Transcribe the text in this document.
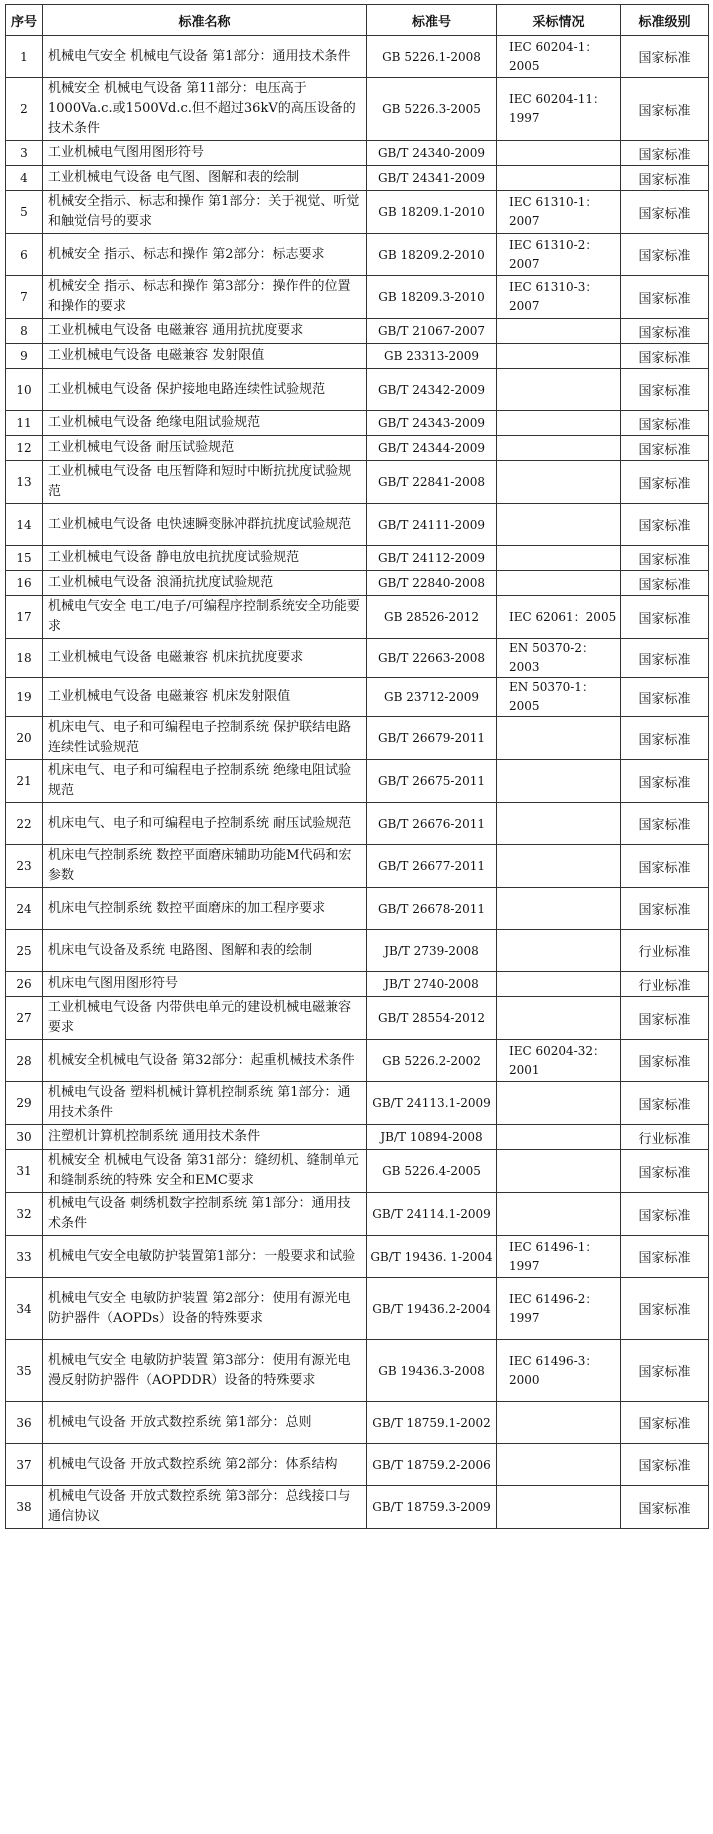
序号	标准名称	标准号	采标情况	标准级别
1	机械电气安全 机械电气设备 第1部分：通用技术条件	GB 5226.1-2008	IEC 60204-1：2005	国家标准
2	机械安全 机械电气设备 第11部分：电压高于1000Va.c.或1500Vd.c.但不超过36kV的高压设备的技术条件	GB 5226.3-2005	IEC 60204-11：1997	国家标准
3	工业机械电气图用图形符号	GB/T 24340-2009		国家标准
4	工业机械电气设备 电气图、图解和表的绘制	GB/T 24341-2009		国家标准
5	机械安全指示、标志和操作 第1部分：关于视觉、听觉和触觉信号的要求	GB 18209.1-2010	IEC 61310-1：2007	国家标准
6	机械安全 指示、标志和操作 第2部分：标志要求	GB 18209.2-2010	IEC 61310-2：2007	国家标准
7	机械安全 指示、标志和操作 第3部分：操作件的位置和操作的要求	GB 18209.3-2010	IEC 61310-3：2007	国家标准
8	工业机械电气设备 电磁兼容 通用抗扰度要求	GB/T 21067-2007		国家标准
9	工业机械电气设备 电磁兼容 发射限值	GB 23313-2009		国家标准
10	工业机械电气设备 保护接地电路连续性试验规范	GB/T 24342-2009		国家标准
11	工业机械电气设备 绝缘电阻试验规范	GB/T 24343-2009		国家标准
12	工业机械电气设备 耐压试验规范	GB/T 24344-2009		国家标准
13	工业机械电气设备 电压暂降和短时中断抗扰度试验规范	GB/T 22841-2008		国家标准
14	工业机械电气设备 电快速瞬变脉冲群抗扰度试验规范	GB/T 24111-2009		国家标准
15	工业机械电气设备 静电放电抗扰度试验规范	GB/T 24112-2009		国家标准
16	工业机械电气设备 浪涌抗扰度试验规范	GB/T 22840-2008		国家标准
17	机械电气安全 电工/电子/可编程序控制系统安全功能要求	GB 28526-2012	IEC 62061：2005	国家标准
18	工业机械电气设备 电磁兼容 机床抗扰度要求	GB/T 22663-2008	EN 50370-2：2003	国家标准
19	工业机械电气设备 电磁兼容 机床发射限值	GB 23712-2009	EN 50370-1：2005	国家标准
20	机床电气、电子和可编程电子控制系统 保护联结电路连续性试验规范	GB/T 26679-2011		国家标准
21	机床电气、电子和可编程电子控制系统 绝缘电阻试验规范	GB/T 26675-2011		国家标准
22	机床电气、电子和可编程电子控制系统 耐压试验规范	GB/T 26676-2011		国家标准
23	机床电气控制系统 数控平面磨床辅助功能M代码和宏参数	GB/T 26677-2011		国家标准
24	机床电气控制系统 数控平面磨床的加工程序要求	GB/T 26678-2011		国家标准
25	机床电气设备及系统 电路图、图解和表的绘制	JB/T 2739-2008		行业标准
26	机床电气图用图形符号	JB/T 2740-2008		行业标准
27	工业机械电气设备 内带供电单元的建设机械电磁兼容要求	GB/T 28554-2012		国家标准
28	机械安全机械电气设备 第32部分：起重机械技术条件	GB 5226.2-2002	IEC 60204-32：2001	国家标准
29	机械电气设备 塑料机械计算机控制系统 第1部分：通用技术条件	GB/T 24113.1-2009		国家标准
30	注塑机计算机控制系统 通用技术条件	JB/T 10894-2008		行业标准
31	机械安全 机械电气设备 第31部分：缝纫机、缝制单元和缝制系统的特殊 安全和EMC要求	GB 5226.4-2005		国家标准
32	机械电气设备 刺绣机数字控制系统 第1部分：通用技术条件	GB/T 24114.1-2009		国家标准
33	机械电气安全电敏防护装置第1部分：一般要求和试验	GB/T 19436. 1-2004	IEC 61496-1：1997	国家标准
34	机械电气安全 电敏防护装置 第2部分：使用有源光电防护器件（AOPDs）设备的特殊要求	GB/T 19436.2-2004	IEC 61496-2：1997	国家标准
35	机械电气安全 电敏防护装置 第3部分：使用有源光电漫反射防护器件（AOPDDR）设备的特殊要求	GB 19436.3-2008	IEC 61496-3：2000	国家标准
36	机械电气设备 开放式数控系统 第1部分：总则	GB/T 18759.1-2002		国家标准
37	机械电气设备 开放式数控系统 第2部分：体系结构	GB/T 18759.2-2006		国家标准
38	机械电气设备 开放式数控系统 第3部分：总线接口与通信协议	GB/T 18759.3-2009		国家标准
